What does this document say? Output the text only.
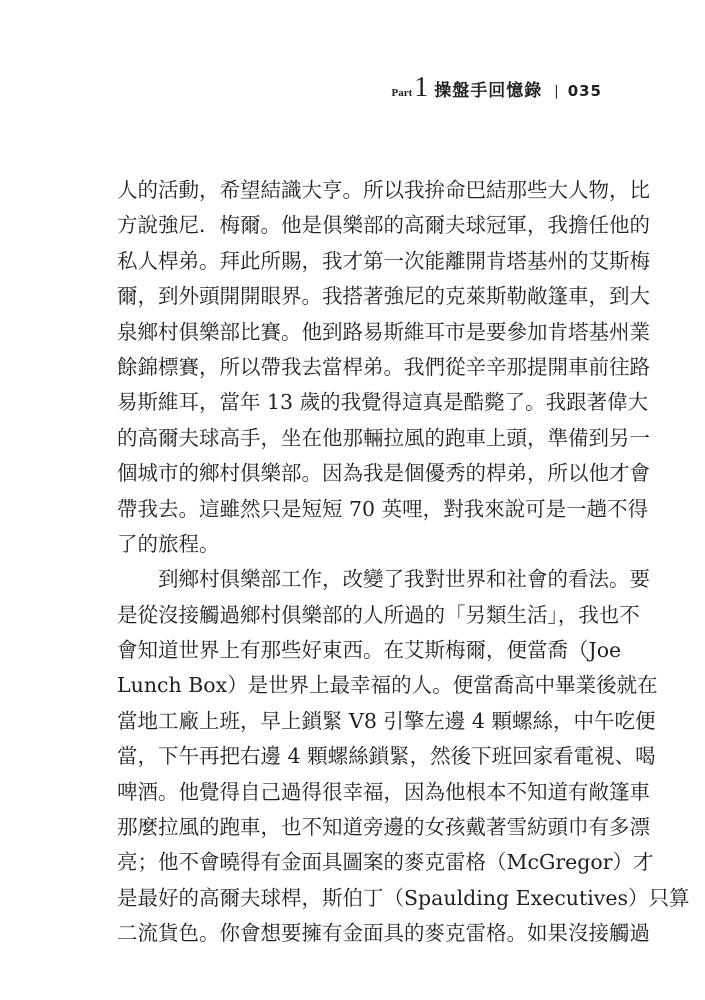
Part 1 操盤手回憶錄 | 035
人的活動，希望結識大亨。所以我拚命巴結那些大人物，比
方說強尼．梅爾。他是俱樂部的高爾夫球冠軍，我擔任他的
私人桿弟。拜此所賜，我才第一次能離開肯塔基州的艾斯梅
爾，到外頭開開眼界。我搭著強尼的克萊斯勒敞篷車，到大
泉鄉村俱樂部比賽。他到路易斯維耳市是要參加肯塔基州業
餘錦標賽，所以帶我去當桿弟。我們從辛辛那提開車前往路
易斯維耳，當年 13 歲的我覺得這真是酷斃了。我跟著偉大
的高爾夫球高手，坐在他那輛拉風的跑車上頭，準備到另一
個城市的鄉村俱樂部。因為我是個優秀的桿弟，所以他才會
帶我去。這雖然只是短短 70 英哩，對我來說可是一趟不得
了的旅程。
到鄉村俱樂部工作，改變了我對世界和社會的看法。要
是從沒接觸過鄉村俱樂部的人所過的「另類生活」，我也不
會知道世界上有那些好東西。在艾斯梅爾，便當喬（Joe
Lunch Box）是世界上最幸福的人。便當喬高中畢業後就在
當地工廠上班，早上鎖緊 V8 引擎左邊 4 顆螺絲，中午吃便
當，下午再把右邊 4 顆螺絲鎖緊，然後下班回家看電視、喝
啤酒。他覺得自己過得很幸福，因為他根本不知道有敞篷車
那麼拉風的跑車，也不知道旁邊的女孩戴著雪紡頭巾有多漂
亮；他不會曉得有金面具圖案的麥克雷格（McGregor）才
是最好的高爾夫球桿，斯伯丁（Spaulding Executives）只算
二流貨色。你會想要擁有金面具的麥克雷格。如果沒接觸過
